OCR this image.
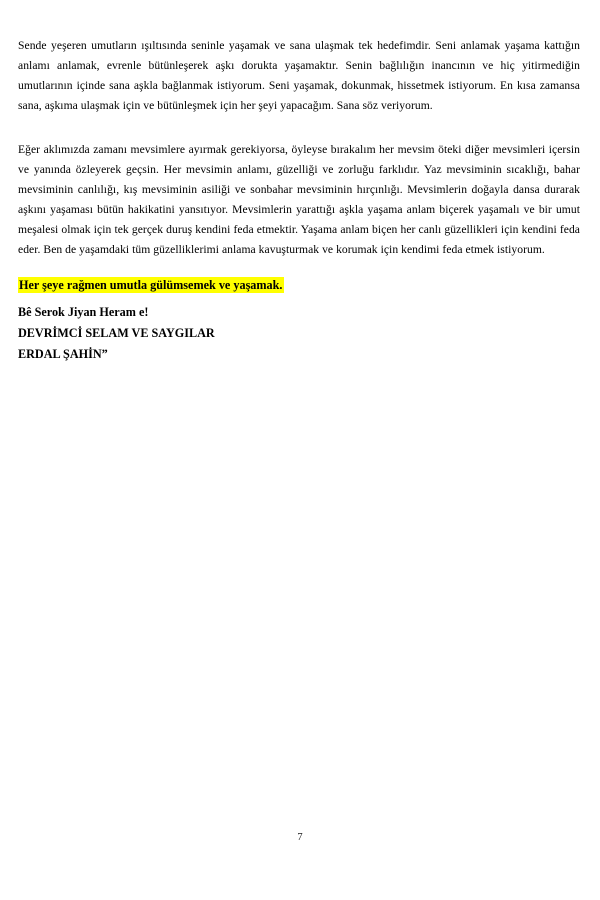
Sende yeşeren umutların ışıltısında seninle yaşamak ve sana ulaşmak tek hedefimdir. Seni anlamak yaşama kattığın anlamı anlamak, evrenle bütünleşerek aşkı dorukta yaşamaktır. Senin bağlılığın inancının ve hiç yitirmediğin umutlarının içinde sana aşkla bağlanmak istiyorum. Seni yaşamak, dokunmak, hissetmek istiyorum. En kısa zamansa sana, aşkıma ulaşmak için ve bütünleşmek için her şeyi yapacağım. Sana söz veriyorum.

Eğer aklımızda zamanı mevsimlere ayırmak gerekiyorsa, öyleyse bırakalım her mevsim öteki diğer mevsimleri içersin ve yanında özleyerek geçsin. Her mevsimin anlamı, güzelliği ve zorluğu farklıdır. Yaz mevsiminin sıcaklığı, bahar mevsiminin canlılığı, kış mevsiminin asiliği ve sonbahar mevsiminin hırçınlığı. Mevsimlerin doğayla dansa durarak aşkını yaşaması bütün hakikatini yansıtıyor. Mevsimlerin yarattığı aşkla yaşama anlam biçerek yaşamalı ve bir umut meşalesi olmak için tek gerçek duruş kendini feda etmektir. Yaşama anlam biçen her canlı güzellikleri için kendini feda eder. Ben de yaşamdaki tüm güzelliklerimi anlama kavuşturmak ve korumak için kendimi feda etmek istiyorum.

Her şeye rağmen umutla gülümsemek ve yaşamak.

Bê Serok Jiyan Heram e!

DEVRİMCİ SELAM VE SAYGILAR

ERDAL ŞAHİN”

7
